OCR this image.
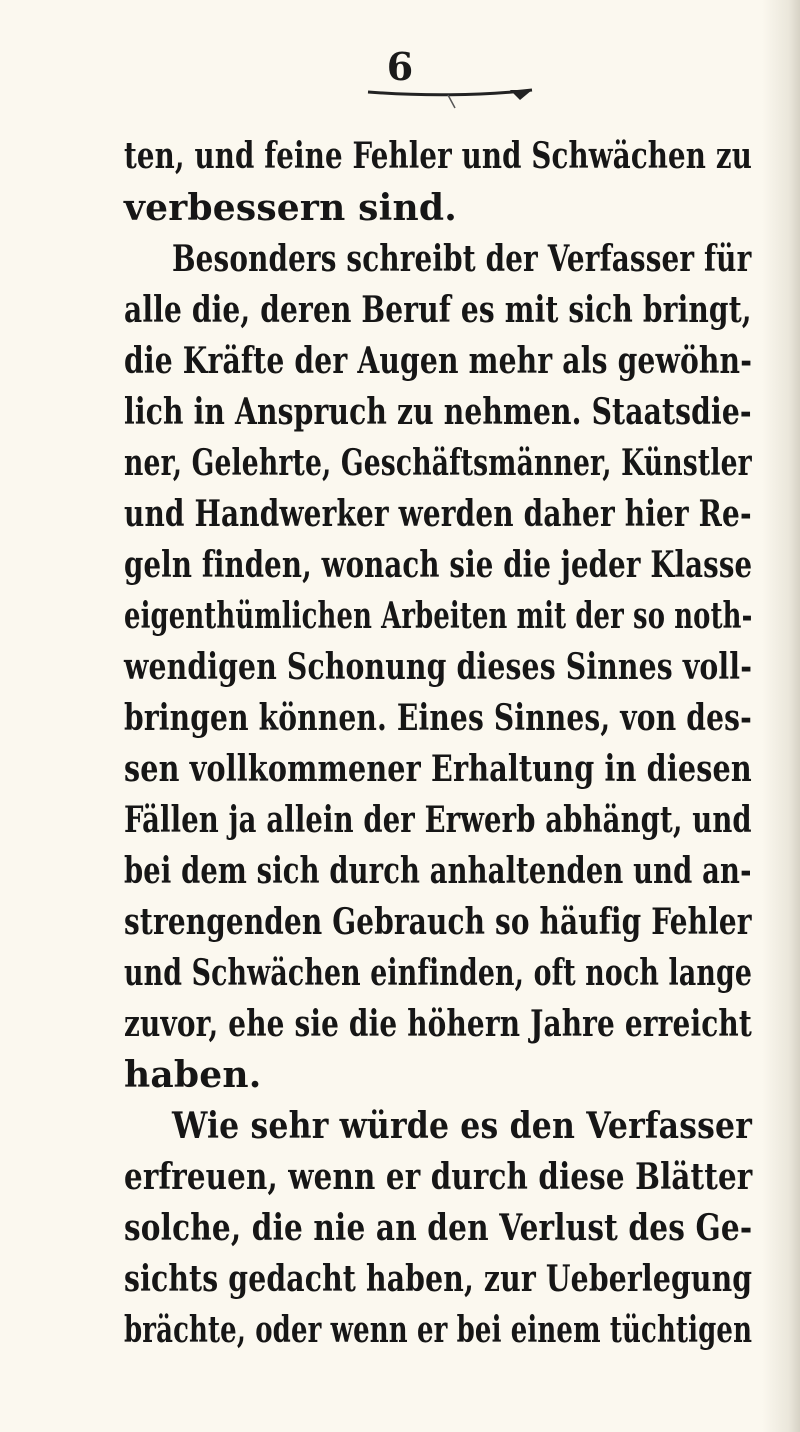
6
ten, und feine Fehler und Schwächen zu
verbessern sind.
Besonders schreibt der Verfasser für
alle die, deren Beruf es mit sich bringt,
die Kräfte der Augen mehr als gewöhn-
lich in Anspruch zu nehmen. Staatsdie-
ner, Gelehrte, Geschäftsmänner, Künstler
und Handwerker werden daher hier Re-
geln finden, wonach sie die jeder Klasse
eigenthümlichen Arbeiten mit der so noth-
wendigen Schonung dieses Sinnes voll-
bringen können. Eines Sinnes, von des-
sen vollkommener Erhaltung in diesen
Fällen ja allein der Erwerb abhängt, und
bei dem sich durch anhaltenden und an-
strengenden Gebrauch so häufig Fehler
und Schwächen einfinden, oft noch lange
zuvor, ehe sie die höhern Jahre erreicht
haben.
Wie sehr würde es den Verfasser
erfreuen, wenn er durch diese Blätter
solche, die nie an den Verlust des Ge-
sichts gedacht haben, zur Ueberlegung
brächte, oder wenn er bei einem tüchtigen
